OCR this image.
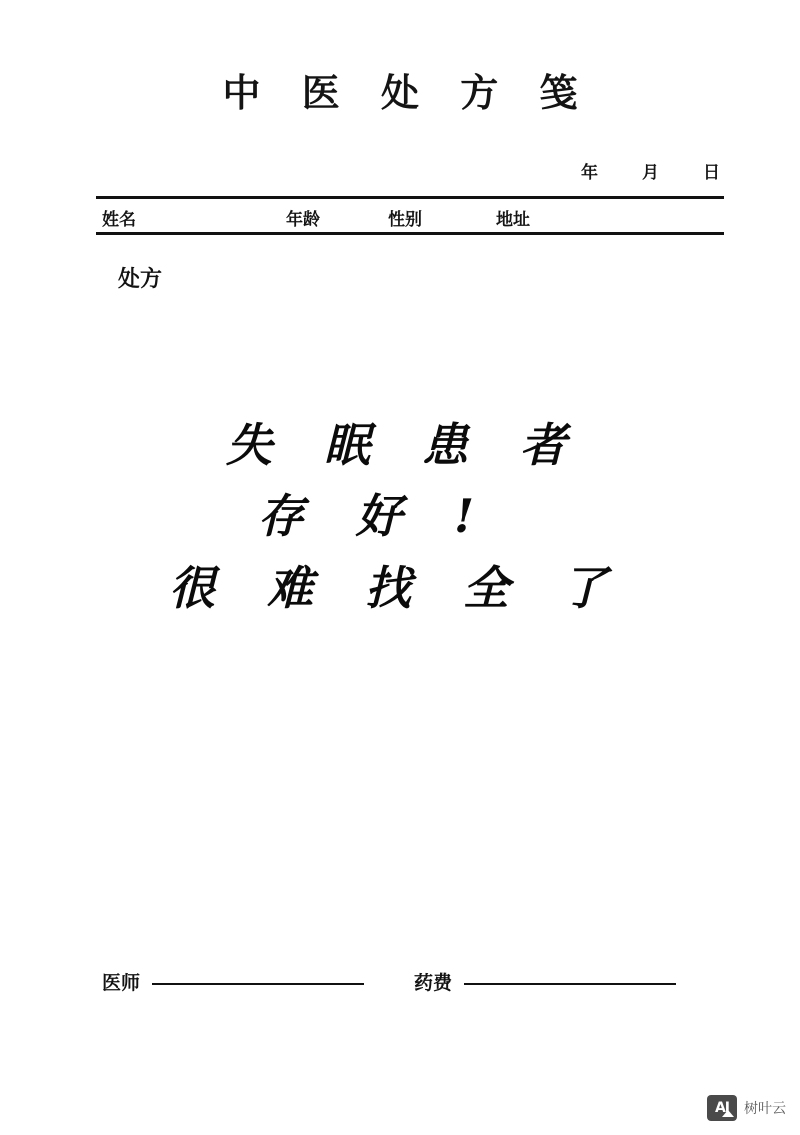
中 医 处 方 笺
年	月	日
姓名	年龄	性别	地址
处方
失 眠 患 者
存 好 !
很 难 找 全 了
医师	药费
AI	树叶云
